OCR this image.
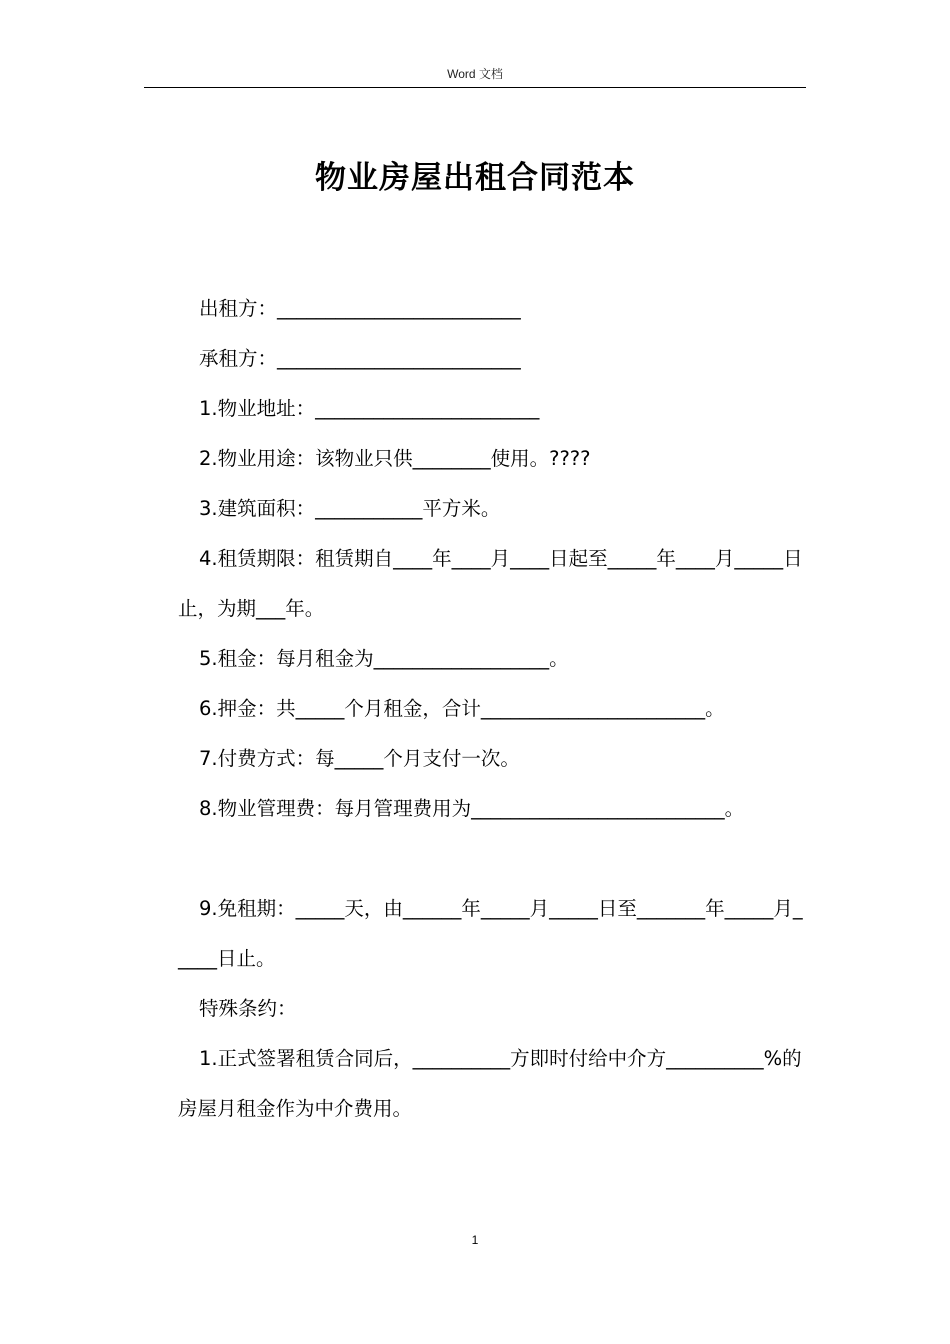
Word 文档
物业房屋出租合同范本

出租方：_________________________

承租方：_________________________

1.物业地址：_______________________

2.物业用途：该物业只供________使用。????

3.建筑面积：___________平方米。

4.租赁期限：租赁期自____年____月____日起至_____年____月_____日止，为期___年。

5.租金：每月租金为__________________。

6.押金：共_____个月租金，合计_______________________。

7.付费方式：每_____个月支付一次。

8.物业管理费：每月管理费用为__________________________。

9.免租期：_____天，由______年_____月_____日至_______年_____月_____日止。

特殊条约：

1.正式签署租赁合同后，__________方即时付给中介方__________%的房屋月租金作为中介费用。

1
